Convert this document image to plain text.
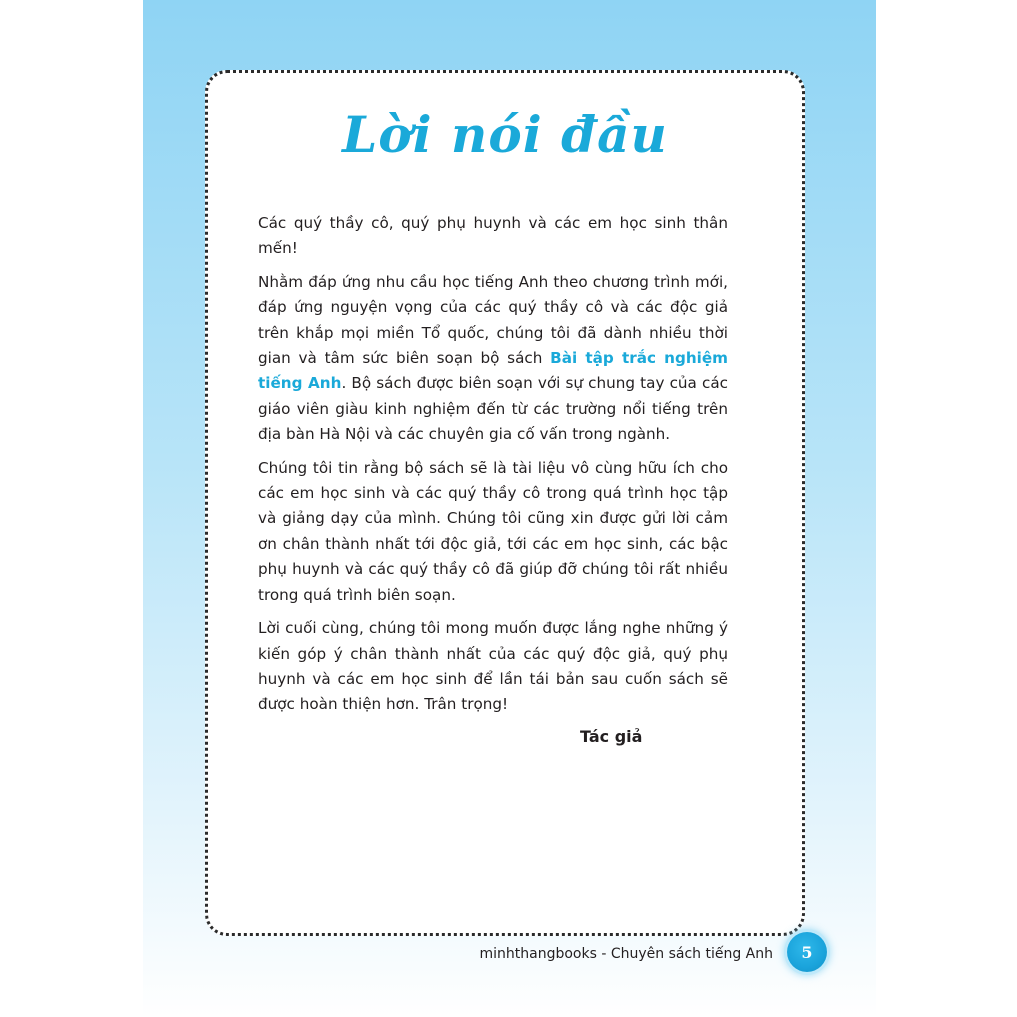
Lời nói đầu

Các quý thầy cô, quý phụ huynh và các em học sinh thân mến!

Nhằm đáp ứng nhu cầu học tiếng Anh theo chương trình mới, đáp ứng nguyện vọng của các quý thầy cô và các độc giả trên khắp mọi miền Tổ quốc, chúng tôi đã dành nhiều thời gian và tâm sức biên soạn bộ sách Bài tập trắc nghiệm tiếng Anh. Bộ sách được biên soạn với sự chung tay của các giáo viên giàu kinh nghiệm đến từ các trường nổi tiếng trên địa bàn Hà Nội và các chuyên gia cố vấn trong ngành.

Chúng tôi tin rằng bộ sách sẽ là tài liệu vô cùng hữu ích cho các em học sinh và các quý thầy cô trong quá trình học tập và giảng dạy của mình. Chúng tôi cũng xin được gửi lời cảm ơn chân thành nhất tới độc giả, tới các em học sinh, các bậc phụ huynh và các quý thầy cô đã giúp đỡ chúng tôi rất nhiều trong quá trình biên soạn.

Lời cuối cùng, chúng tôi mong muốn được lắng nghe những ý kiến góp ý chân thành nhất của các quý độc giả, quý phụ huynh và các em học sinh để lần tái bản sau cuốn sách sẽ được hoàn thiện hơn. Trân trọng!

Tác giả
minhthangbooks - Chuyên sách tiếng Anh	5
